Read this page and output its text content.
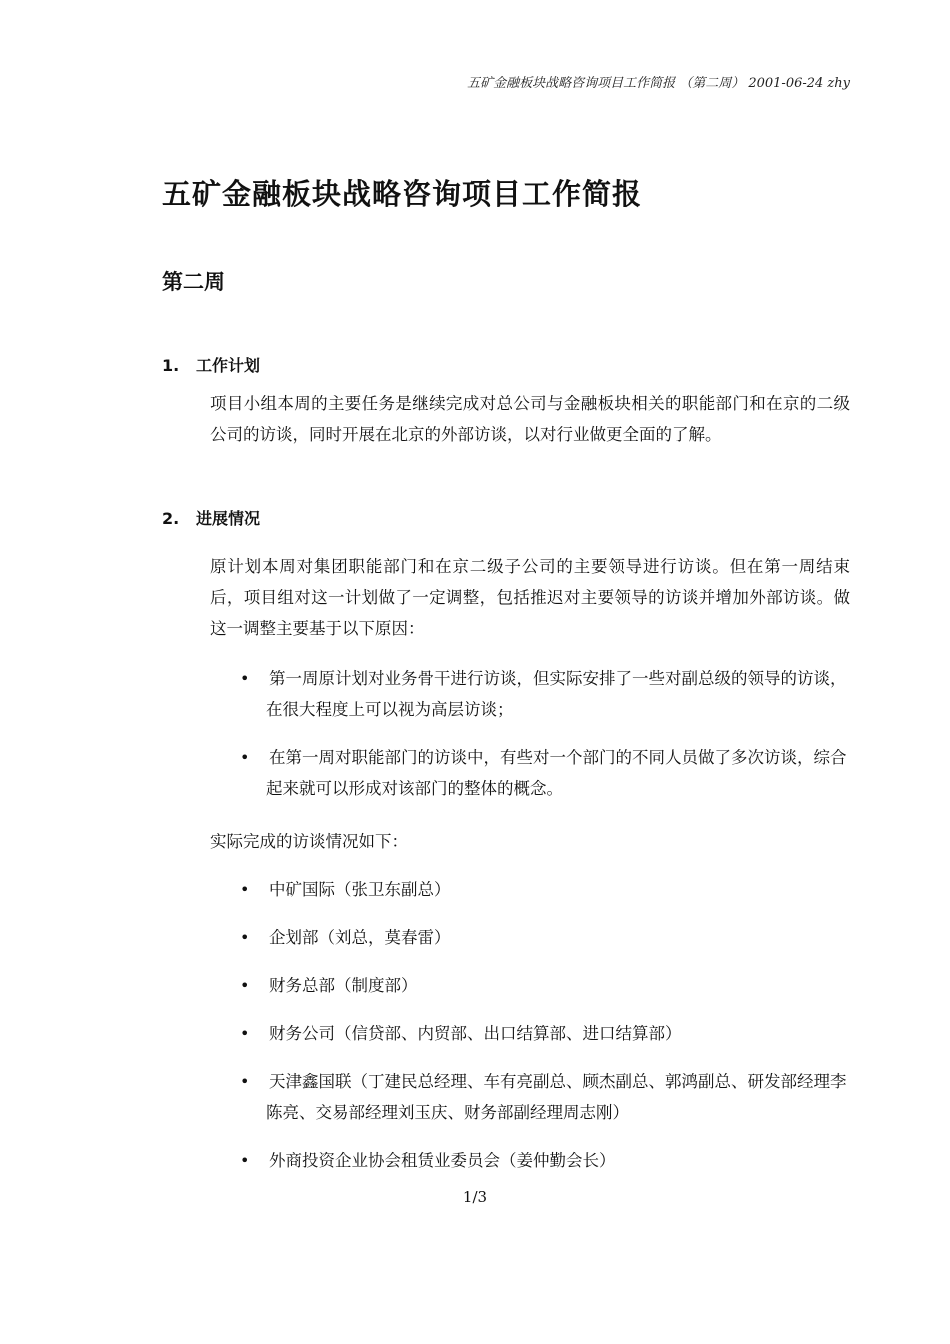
五矿金融板块战略咨询项目工作简报 （第二周） 2001-06-24 zhy
五矿金融板块战略咨询项目工作简报
第二周
1. 工作计划

项目小组本周的主要任务是继续完成对总公司与金融板块相关的职能部门和在京的二级公司的访谈，同时开展在北京的外部访谈，以对行业做更全面的了解。

2. 进展情况

原计划本周对集团职能部门和在京二级子公司的主要领导进行访谈。但在第一周结束后，项目组对这一计划做了一定调整，包括推迟对主要领导的访谈并增加外部访谈。做这一调整主要基于以下原因：

• 第一周原计划对业务骨干进行访谈，但实际安排了一些对副总级的领导的访谈，在很大程度上可以视为高层访谈；
• 在第一周对职能部门的访谈中，有些对一个部门的不同人员做了多次访谈，综合起来就可以形成对该部门的整体的概念。

实际完成的访谈情况如下：

• 中矿国际（张卫东副总）
• 企划部（刘总，莫春雷）
• 财务总部（制度部）
• 财务公司（信贷部、内贸部、出口结算部、进口结算部）
• 天津鑫国联（丁建民总经理、车有亮副总、顾杰副总、郭鸿副总、研发部经理李陈亮、交易部经理刘玉庆、财务部副经理周志刚）
• 外商投资企业协会租赁业委员会（姜仲勤会长）
1/3
